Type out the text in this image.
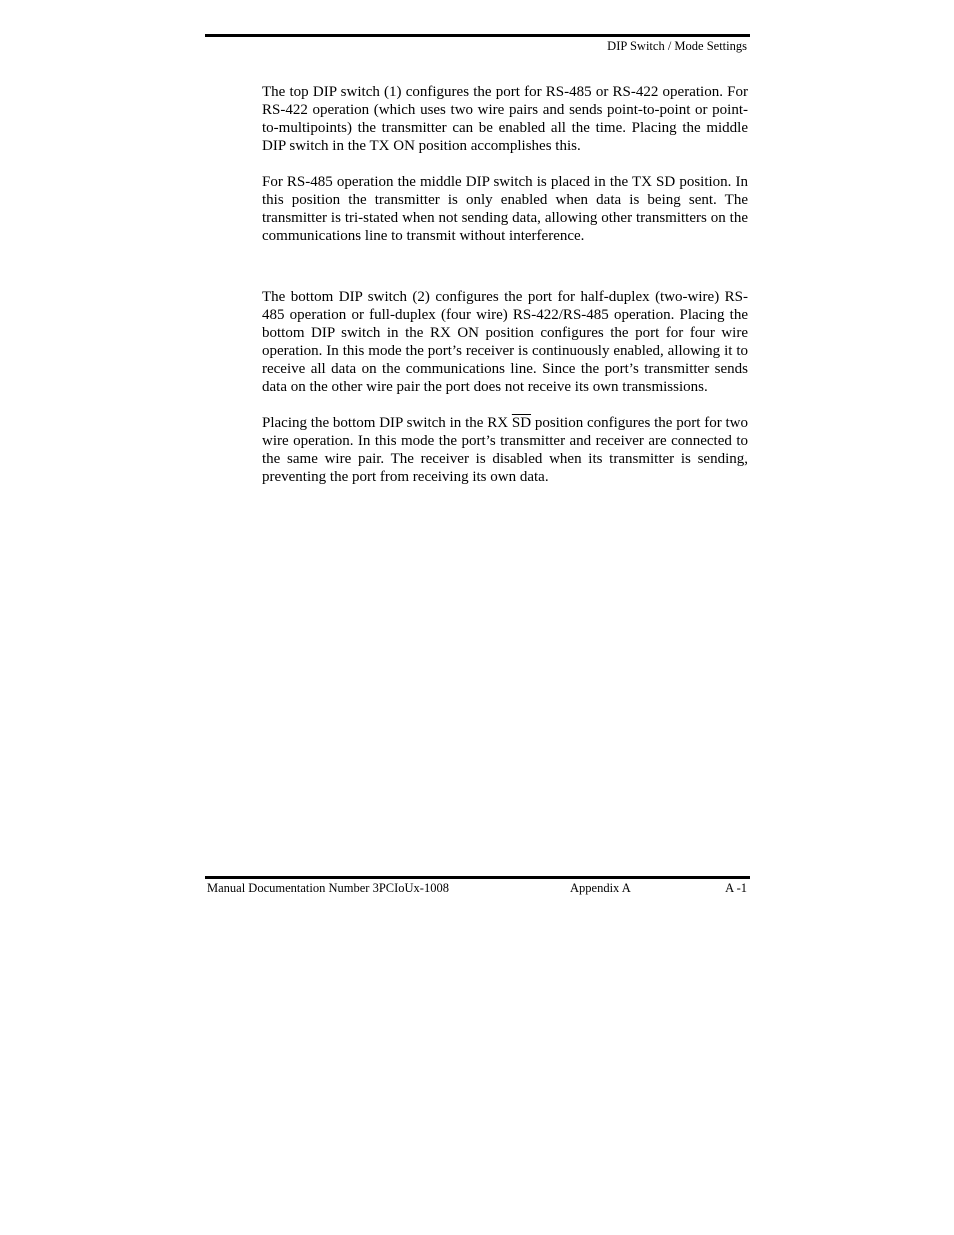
DIP Switch / Mode Settings

The top DIP switch (1) configures the port for RS-485 or RS-422 operation. For RS-422 operation (which uses two wire pairs and sends point-to-point or point-to-multipoints) the transmitter can be enabled all the time. Placing the middle DIP switch in the TX ON position accomplishes this.

For RS-485 operation the middle DIP switch is placed in the TX SD position. In this position the transmitter is only enabled when data is being sent. The transmitter is tri-stated when not sending data, allowing other transmitters on the communications line to transmit without interference.

The bottom DIP switch (2) configures the port for half-duplex (two-wire) RS-485 operation or full-duplex (four wire) RS-422/RS-485 operation. Placing the bottom DIP switch in the RX ON position configures the port for four wire operation. In this mode the port’s receiver is continuously enabled, allowing it to receive all data on the communications line. Since the port’s transmitter sends data on the other wire pair the port does not receive its own transmissions.

Placing the bottom DIP switch in the RX $\overline{SD}$ position configures the port for two wire operation. In this mode the port’s transmitter and receiver are connected to the same wire pair. The receiver is disabled when its transmitter is sending, preventing the port from receiving its own data.

Manual Documentation Number 3PCIoUx-1008	Appendix A	A -1
